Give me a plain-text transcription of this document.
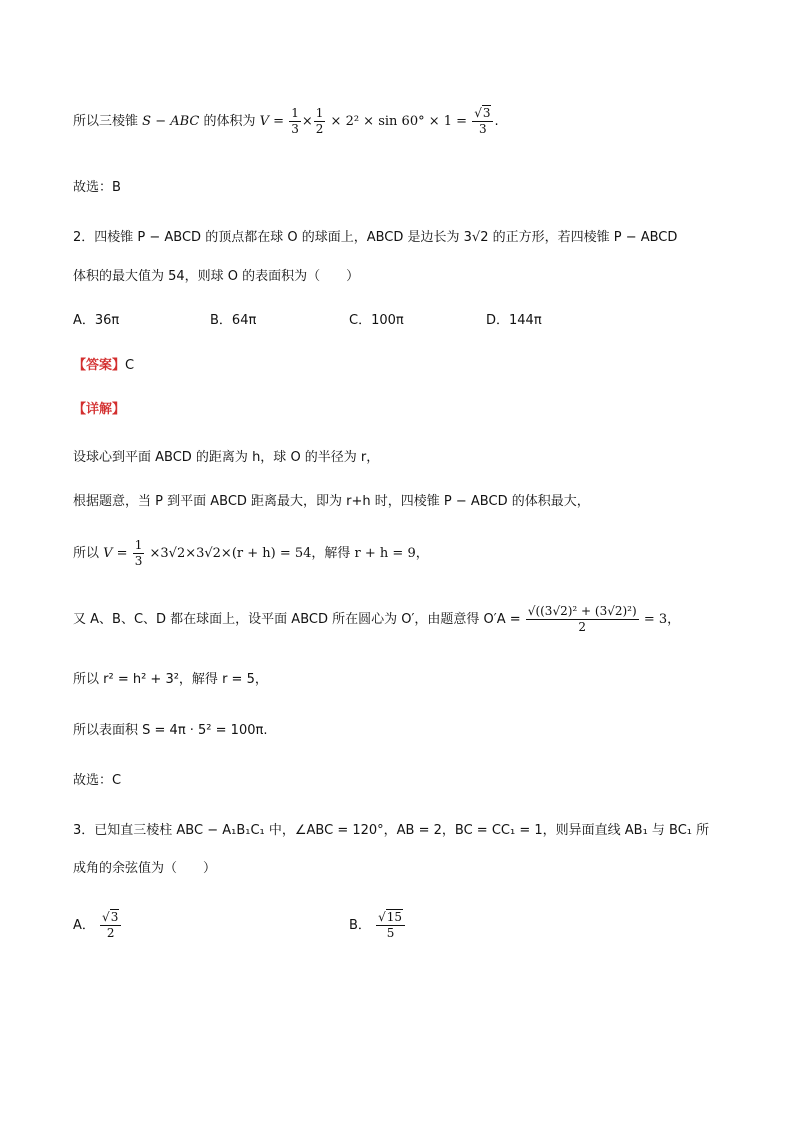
所以三棱锥 S − ABC 的体积为 $V = \frac{1}{3} \times \frac{1}{2} \times 2^2 \times \sin 60^\circ \times 1 = \frac{√3}{3}$ .
故选：B
2．四棱锥 P − ABCD 的顶点都在球 O 的球面上，ABCD 是边长为 3√2 的正方形，若四棱锥 P − ABCD
体积的最大值为 54，则球 O 的表面积为（　　）
A．36π	B．64π	C．100π	D．144π
【答案】C
【详解】
设球心到平面 ABCD 的距离为 h，球 O 的半径为 r，
根据题意，当 P 到平面 ABCD 距离最大，即为 r+h 时，四棱锥 P − ABCD 的体积最大，
所以 $V = \frac{1}{3} \times 3√2\times 3√2\times(r + h) = 54$，解得 r + h = 9，
又 A、B、C、D 都在球面上，设平面 ABCD 所在圆心为 O′，由题意得 $O'A = \frac{\text{√((3√2)² + (3√2)²)}}{2} = 3$，
所以 r² = h² + 3²，解得 r = 5，
所以表面积 S = 4π · 5² = 100π.
故选：C
3．已知直三棱柱 ABC − A₁B₁C₁ 中，∠ABC = 120°，AB = 2，BC = CC₁ = 1，则异面直线 AB₁ 与 BC₁ 所
成角的余弦值为（　　）
A． $\frac{√3}{2}$	B． $\frac{√15}{5}$
